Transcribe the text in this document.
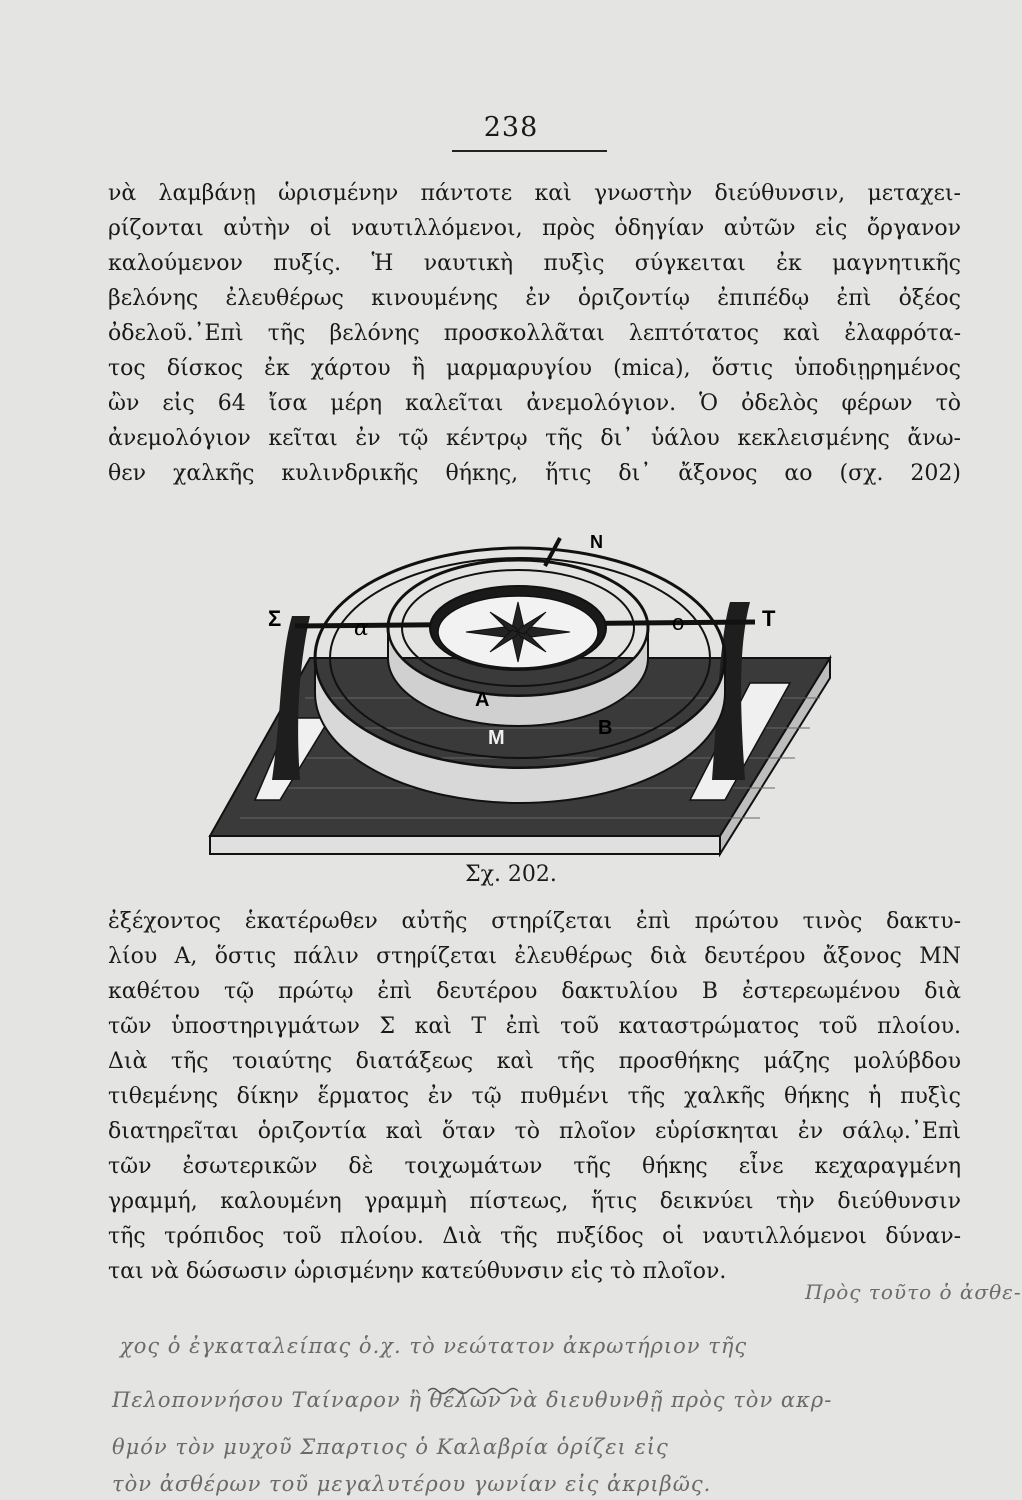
238
νὰ λαμβάνῃ ὡρισμένην πάντοτε καὶ γνωστὴν διεύθυνσιν, μεταχει-
ρίζονται αὐτὴν οἱ ναυτιλλόμενοι, πρὸς ὁδηγίαν αὐτῶν εἰς ὄργανον
καλούμενον πυξίς. Ἡ ναυτικὴ πυξὶς σύγκειται ἐκ μαγνητικῆς
βελόνης ἐλευθέρως κινουμένης ἐν ὁριζοντίῳ ἐπιπέδῳ ἐπὶ ὀξέος
ὀδελοῦ.᾿Επὶ τῆς βελόνης προσκολλᾶται λεπτότατος καὶ ἐλαφρότα-
τος δίσκος ἐκ χάρτου ἢ μαρμαρυγίου (mica), ὅστις ὑποδιῃρημένος
ὢν εἰς 64 ἴσα μέρη καλεῖται ἀνεμολόγιον. Ὁ ὀδελὸς φέρων τὸ
ἀνεμολόγιον κεῖται ἐν τῷ κέντρῳ τῆς δι᾿ ὑάλου κεκλεισμένης ἄνω-
θεν χαλκῆς κυλινδρικῆς θήκης, ἥτις δι᾿ ἄξονος αο (σχ. 202)
Σ	Τ
α	ο
Α
Β
Μ
Ν
Σχ. 202.
ἐξέχοντος ἑκατέρωθεν αὐτῆς στηρίζεται ἐπὶ πρώτου τινὸς δακτυ-
λίου Α, ὅστις πάλιν στηρίζεται ἐλευθέρως διὰ δευτέρου ἄξονος ΜΝ
καθέτου τῷ πρώτῳ ἐπὶ δευτέρου δακτυλίου Β ἐστερεωμένου διὰ
τῶν ὑποστηριγμάτων Σ καὶ Τ ἐπὶ τοῦ καταστρώματος τοῦ πλοίου.
Διὰ τῆς τοιαύτης διατάξεως καὶ τῆς προσθήκης μάζης μολύβδου
τιθεμένης δίκην ἕρματος ἐν τῷ πυθμένι τῆς χαλκῆς θήκης ἡ πυξὶς
διατηρεῖται ὁριζοντία καὶ ὅταν τὸ πλοῖον εὑρίσκηται ἐν σάλῳ.᾿Επὶ
τῶν ἐσωτερικῶν δὲ τοιχωμάτων τῆς θήκης εἶνε κεχαραγμένη
γραμμή, καλουμένη γραμμὴ πίστεως, ἥτις δεικνύει τὴν διεύθυνσιν
τῆς τρόπιδος τοῦ πλοίου. Διὰ τῆς πυξίδος οἱ ναυτιλλόμενοι δύναν-
ται νὰ δώσωσιν ὡρισμένην κατεύθυνσιν εἰς τὸ πλοῖον.
Πρὸς τοῦτο ὁ ἀσθε-
χος ὁ ἐγκαταλείπας ὁ.χ. τὸ νεώτατον ἀκρωτήριον τῆς
Πελοποννήσου Ταίναρον ἢ θέλων νὰ διευθυνθῇ πρὸς τὸν ακρ-
θμόν τὸν μυχοῦ Σπαρτιος ὁ Καλαβρία ὁρίζει εἰς
τὸν ἀσθέρων τοῦ μεγαλυτέρου γωνίαν εἰς ἀκριβῶς.
